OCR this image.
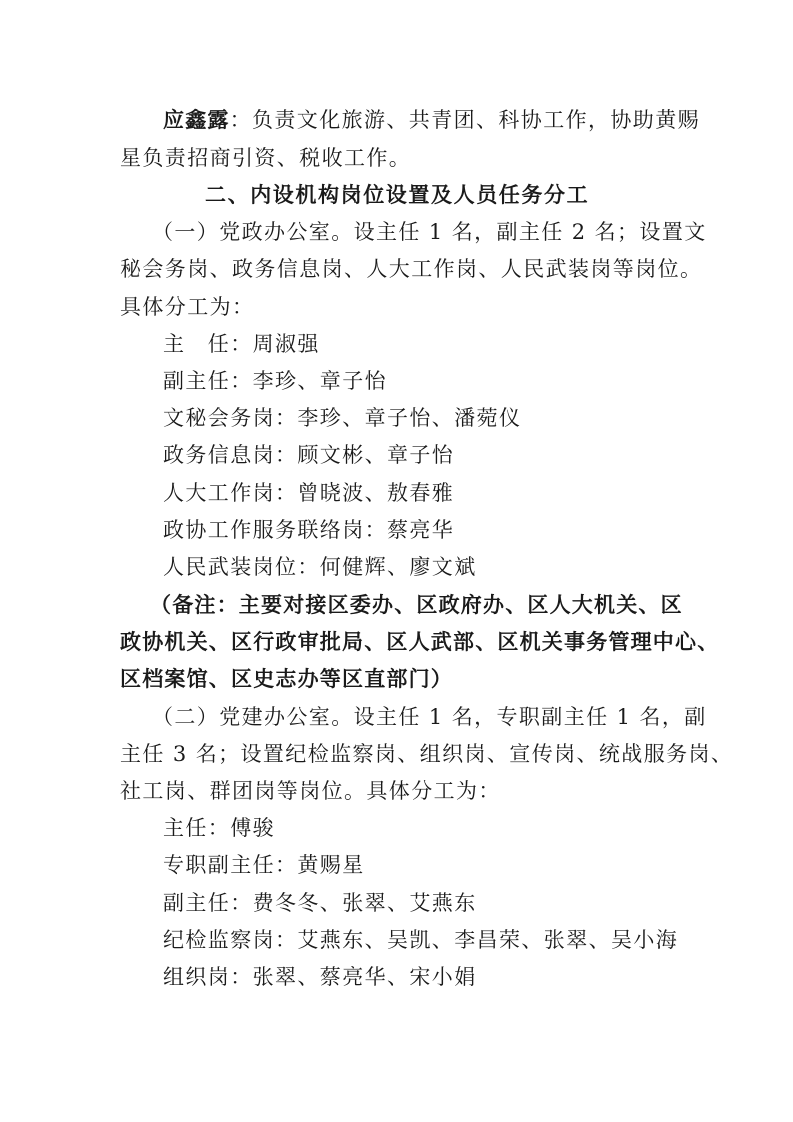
应鑫露：负责文化旅游、共青团、科协工作，协助黄赐
星负责招商引资、税收工作。
二、内设机构岗位设置及人员任务分工
（一）党政办公室。设主任 1 名，副主任 2 名；设置文
秘会务岗、政务信息岗、人大工作岗、人民武装岗等岗位。
具体分工为：
主　任：周淑强
副主任：李珍、章子怡
文秘会务岗：李珍、章子怡、潘菀仪
政务信息岗：顾文彬、章子怡
人大工作岗：曾晓波、敖春雅
政协工作服务联络岗：蔡亮华
人民武装岗位：何健辉、廖文斌
（备注：主要对接区委办、区政府办、区人大机关、区
政协机关、区行政审批局、区人武部、区机关事务管理中心、
区档案馆、区史志办等区直部门）
（二）党建办公室。设主任 1 名，专职副主任 1 名，副
主任 3 名；设置纪检监察岗、组织岗、宣传岗、统战服务岗、
社工岗、群团岗等岗位。具体分工为：
主任：傅骏
专职副主任：黄赐星
副主任：费冬冬、张翠、艾燕东
纪检监察岗：艾燕东、吴凯、李昌荣、张翠、吴小海
组织岗：张翠、蔡亮华、宋小娟
